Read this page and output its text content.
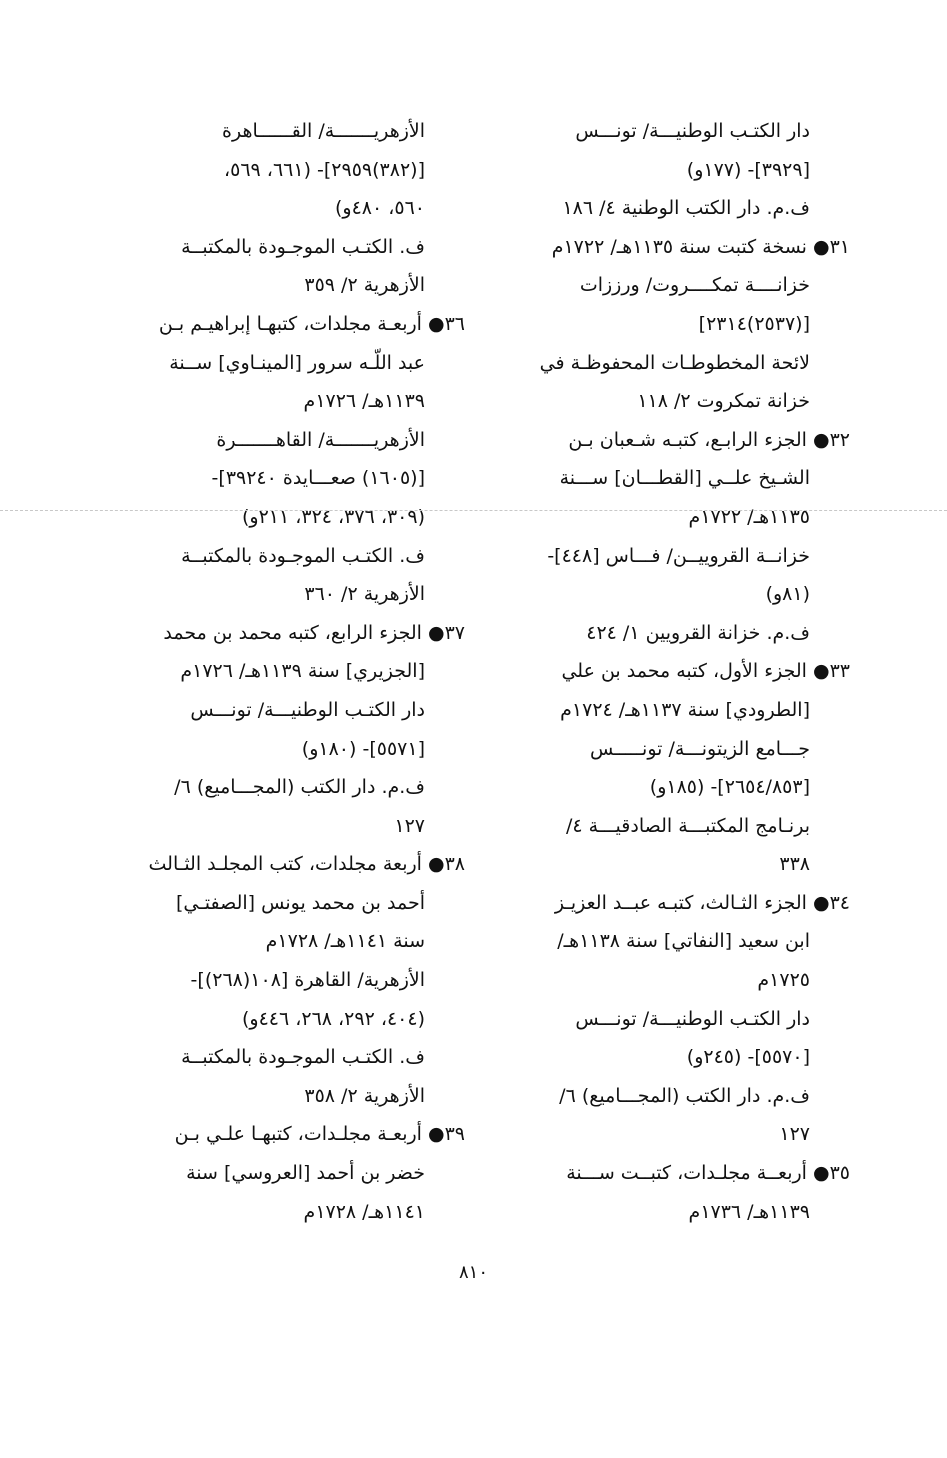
دار الكتـب الوطنيـــة/ تونـــس
[٣٩٢٩]- (١٧٧و)
ف.م. دار الكتب الوطنية ٤/ ١٨٦
٣١● نسخة كتبت سنة ١١٣٥هـ/ ١٧٢٢م
خزانــــة تمكــــروت/ ورززات
[(٢٥٣٧)٢٣١٤]
لائحة المخطوطـات المحفوظـة في
خزانة تمكروت ٢/ ١١٨
٣٢● الجزء الرابـع، كتبـه شـعبان بـن
الشـيخ علــي [القطـــان] ســـنة
١١٣٥هـ/ ١٧٢٢م
خزانــة القروييــن/ فـــاس [٤٤٨]-
(٨١و)
ف.م. خزانة القرويين ١/ ٤٢٤
٣٣● الجزء الأول، كتبه محمد بن علي
[الطرودي] سنة ١١٣٧هـ/ ١٧٢٤م
جـــامع الزيتونـــة/ تونـــــس
[٢٦٥٤/٨٥٣]- (١٨٥و)
برنـامج المكتبـــة الصادقيـــة ٤/
٣٣٨
٣٤● الجزء الثـالث، كتبـه عبــد العزيـز
ابن سعيد [النفاتي] سنة ١١٣٨هـ/
١٧٢٥م
دار الكتـب الوطنيـــة/ تونـــس
[٥٥٧٠]- (٢٤٥و)
ف.م. دار الكتب (المجـــاميع) ٦/
١٢٧
٣٥● أربعــة مجلـدات، كتبــت ســـنة
١١٣٩هـ/ ١٧٣٦م
الأزهريـــــــة/ القــــــاهرة
[(٣٨٢)٢٩٥٩]- (٦٦١، ٥٦٩،
٥٦٠، ٤٨٠و)
ف. الكتـب الموجـودة بالمكتبــة
الأزهرية ٢/ ٣٥٩
٣٦● أربعـة مجلدات، كتبهـا إبراهيـم بـن
عبد اللّـه سرور [المينـاوي] ســنة
١١٣٩هـ/ ١٧٢٦م
الأزهريـــــــة/ القاهـــــــرة
[(١٦٠٥) صعـــايدة ٣٩٢٤٠]-
(٣٠٩، ٣٧٦، ٣٢٤، ٢١١و)
ف. الكتـب الموجـودة بالمكتبــة
الأزهرية ٢/ ٣٦٠
٣٧● الجزء الرابع، كتبه محمد بن محمد
[الجزيري] سنة ١١٣٩هـ/ ١٧٢٦م
دار الكتـب الوطنيـــة/ تونـــس
[٥٥٧١]- (١٨٠و)
ف.م. دار الكتب (المجـــاميع) ٦/
١٢٧
٣٨● أربعة مجلدات، كتب المجلـد الثـالث
أحمد بن محمد يونس [الصفتـي]
سنة ١١٤١هـ/ ١٧٢٨م
الأزهرية/ القاهرة [١٠٨(٢٦٨)]-
(٤٠٤، ٢٩٢، ٢٦٨، ٤٤٦و)
ف. الكتـب الموجـودة بالمكتبــة
الأزهرية ٢/ ٣٥٨
٣٩● أربعـة مجلـدات، كتبهـا علـي بـن
خضر بن أحمد [العروسي] سنة
١١٤١هـ/ ١٧٢٨م
٨١٠
